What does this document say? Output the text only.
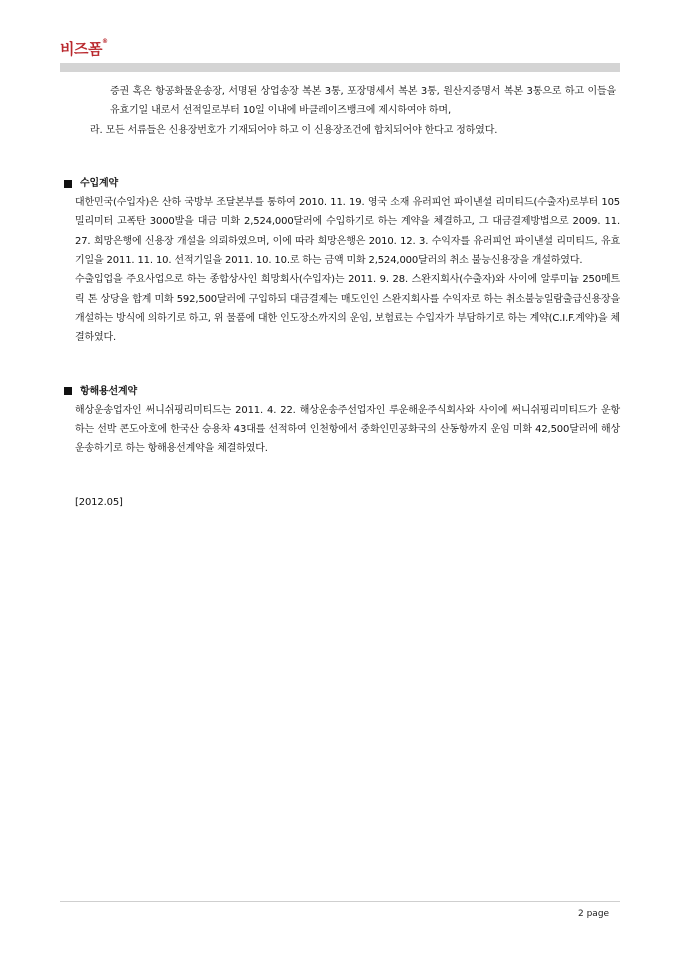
비즈폼®
증권 혹은 항공화물운송장, 서명된 상업송장 복본 3통, 포장명세서 복본 3통, 원산지증명서 복본 3통으로 하고 이들을 유효기일 내로서 선적일로부터 10일 이내에 바클레이즈뱅크에 제시하여야 하며,
라. 모든 서류들은 신용장번호가 기재되어야 하고 이 신용장조건에 합치되어야 한다고 정하였다.
수입계약

대한민국(수입자)은 산하 국방부 조달본부를 통하여 2010. 11. 19. 영국 소재 유러피언 파이낸셜 리미티드(수출자)로부터 105밀리미터 고폭탄 3000발을 대금 미화 2,524,000달러에 수입하기로 하는 계약을 체결하고, 그 대금결제방법으로 2009. 11. 27. 희망은행에 신용장 개설을 의뢰하였으며, 이에 따라 희망은행은 2010. 12. 3. 수익자를 유러피언 파이낸셜 리미티드, 유효기일을 2011. 11. 10. 선적기일을 2011. 10. 10.로 하는 금액 미화 2,524,000달러의 취소 불능신용장을 개설하였다.

수출입업을 주요사업으로 하는 종합상사인 희망회사(수입자)는 2011. 9. 28. 스완지회사(수출자)와 사이에 알루미늄 250메트릭 톤 상당을 합계 미화 592,500달러에 구입하되 대금결제는 매도인인 스완지회사를 수익자로 하는 취소불능일람출급신용장을 개설하는 방식에 의하기로 하고, 위 물품에 대한 인도장소까지의 운임, 보험료는 수입자가 부담하기로 하는 계약(C.I.F.계약)을 체결하였다.

항해용선계약

해상운송업자인 써니쉬핑리미티드는 2011. 4. 22. 해상운송주선업자인 루운해운주식회사와 사이에 써니쉬핑리미티드가 운항하는 선박 콘도아호에 한국산 승용차 43대를 선적하여 인천항에서 중화인민공화국의 산동항까지 운임 미화 42,500달러에 해상운송하기로 하는 항해용선계약을 체결하였다.

[2012.05]
2 page
